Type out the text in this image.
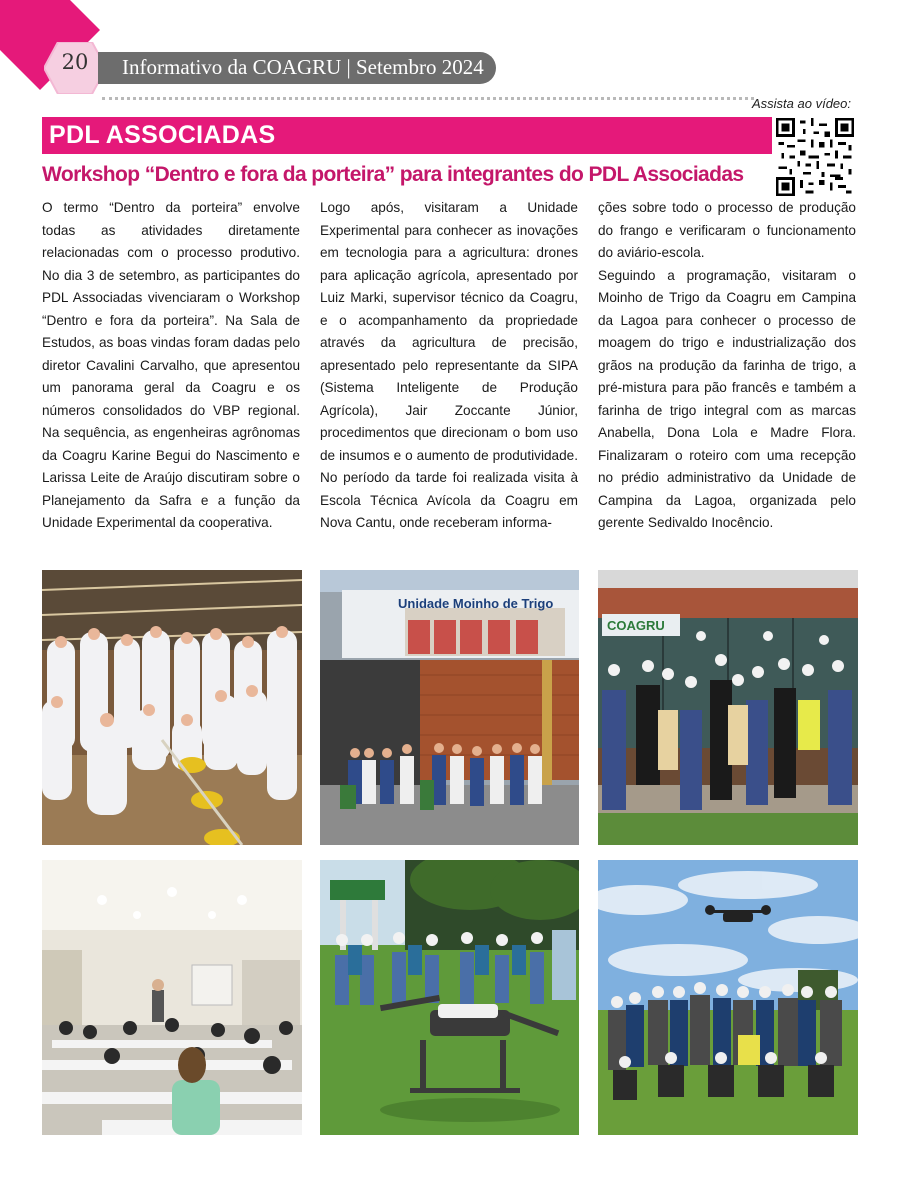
20	Informativo da COAGRU | Setembro 2024
Assista ao vídeo:
PDL ASSOCIADAS
Workshop “Dentro e fora da porteira” para integrantes do PDL Associadas

O termo “Dentro da porteira” envolve todas as atividades diretamente relacionadas com o processo produtivo. No dia 3 de setembro, as participantes do PDL Associadas vivenciaram o Workshop “Dentro e fora da porteira”. Na Sala de Estudos, as boas vindas foram dadas pelo diretor Cavalini Carvalho, que apresentou um panorama geral da Coagru e os números consolidados do VBP regional. Na sequência, as engenheiras agrônomas da Coagru Karine Begui do Nascimento e Larissa Leite de Araújo discutiram sobre o Planejamento da Safra e a função da Unidade Experimental da cooperativa.

Logo após, visitaram a Unidade Experimental para conhecer as inovações em tecnologia para a agricultura: drones para aplicação agrícola, apresentado por Luiz Marki, supervisor técnico da Coagru, e o acompanhamento da propriedade através da agricultura de precisão, apresentado pelo representante da SIPA (Sistema Inteligente de Produção Agrícola), Jair Zoccante Júnior, procedimentos que direcionam o bom uso de insumos e o aumento de produtividade. No período da tarde foi realizada visita à Escola Técnica Avícola da Coagru em Nova Cantu, onde receberam informa-

ções sobre todo o processo de produção do frango e verificaram o funcionamento do aviário-escola.

Seguindo a programação, visitaram o Moinho de Trigo da Coagru em Campina da Lagoa para conhecer o processo de moagem do trigo e industrialização dos grãos na produção da farinha de trigo, a pré-mistura para pão francês e também a farinha de trigo integral com as marcas Anabella, Dona Lola e Madre Flora. Finalizaram o roteiro com uma recepção no prédio administrativo da Unidade de Campina da Lagoa, organizada pelo gerente Sedivaldo Inocêncio.

Unidade Moinho de Trigo
COAGRU
